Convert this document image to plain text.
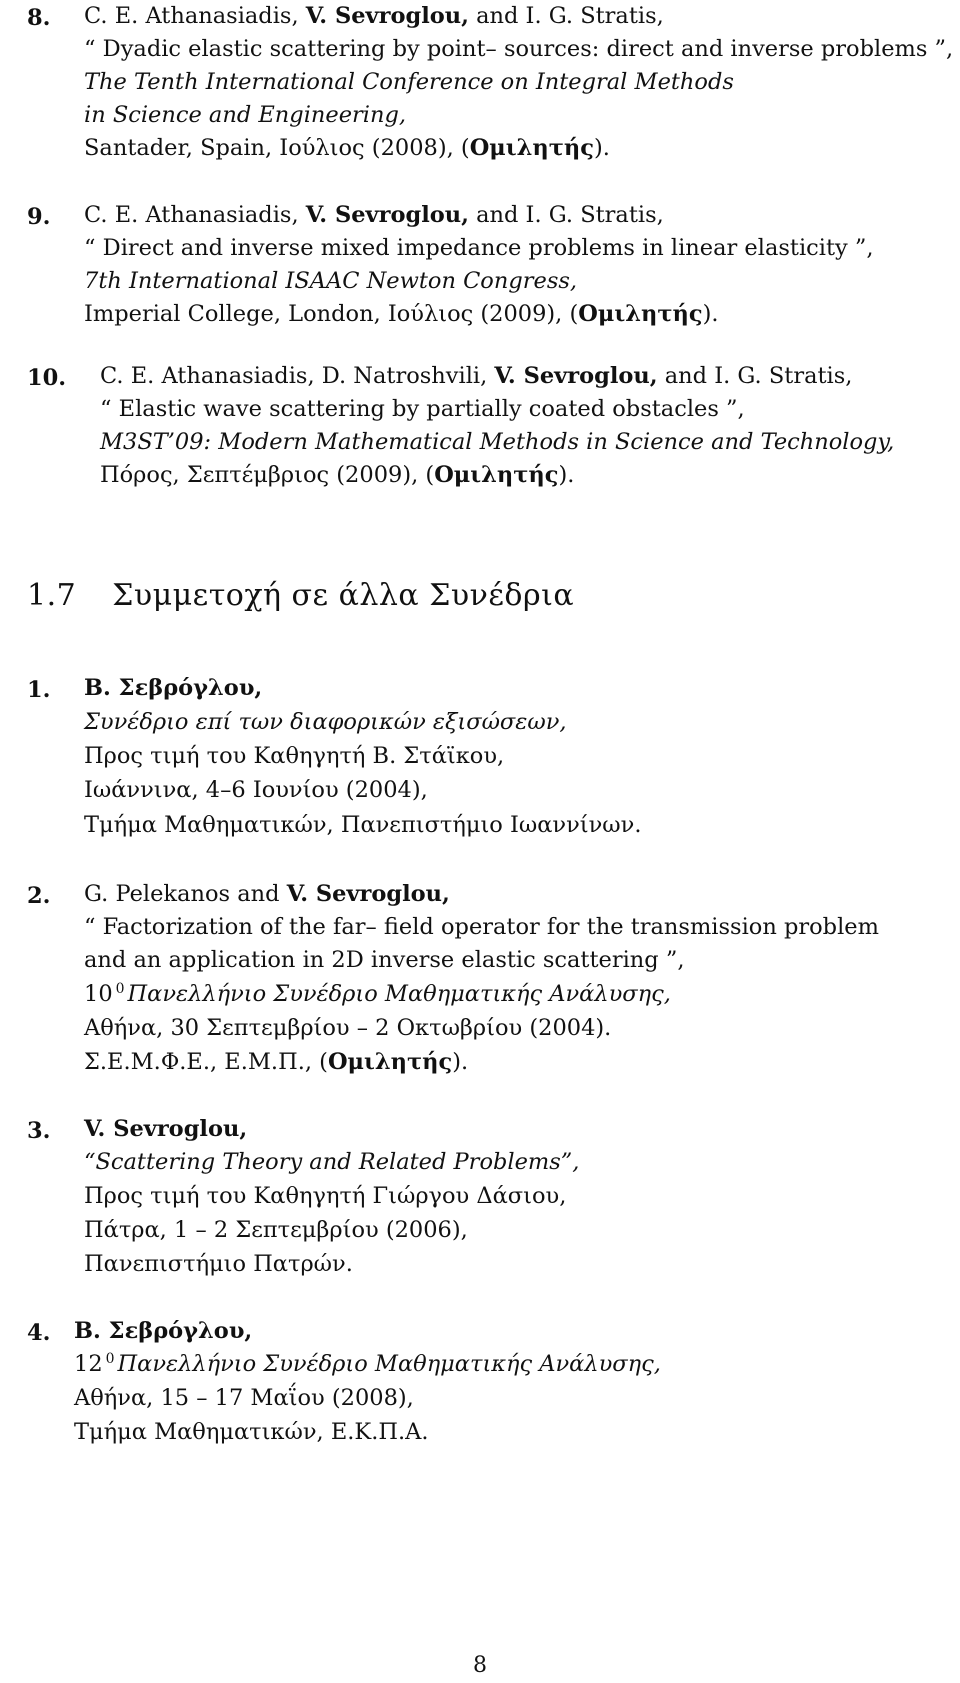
8. C. E. Athanasiadis, V. Sevroglou, and I. G. Stratis,
“ Dyadic elastic scattering by point– sources: direct and inverse problems ”,
The Tenth International Conference on Integral Methods
in Science and Engineering,
Santader, Spain, Ιούλιος (2008), (Ομιλητής).
9. C. E. Athanasiadis, V. Sevroglou, and I. G. Stratis,
“ Direct and inverse mixed impedance problems in linear elasticity ”,
7th International ISAAC Newton Congress,
Imperial College, London, Ιούλιος (2009), (Ομιλητής).
10. C. E. Athanasiadis, D. Natroshvili, V. Sevroglou, and I. G. Stratis,
“ Elastic wave scattering by partially coated obstacles ”,
M3ST’09: Modern Mathematical Methods in Science and Technology,
Πόρος, Σεπτέμβριος (2009), (Ομιλητής).
1.7 Συμμετοχή σε άλλα Συνέδρια
1. Β. Σεβρόγλου,
Συνέδριο επί των διαφορικών εξισώσεων,
Προς τιμή του Καθηγητή Β. Στάϊκου,
Ιωάννινα, 4–6 Ιουνίου (2004),
Τμήμα Μαθηματικών, Πανεπιστήμιο Ιωαννίνων.
2. G. Pelekanos and V. Sevroglou,
“ Factorization of the far– field operator for the transmission problem
and an application in 2D inverse elastic scattering ”,
10 $^0$ Πανελλήνιο Συνέδριο Μαθηματικής Ανάλυσης,
Αθήνα, 30 Σεπτεμβρίου – 2 Οκτωβρίου (2004).
Σ.Ε.Μ.Φ.Ε., Ε.Μ.Π., (Ομιλητής).
3. V. Sevroglou,
“Scattering Theory and Related Problems”,
Προς τιμή του Καθηγητή Γιώργου Δάσιου,
Πάτρα, 1 – 2 Σεπτεμβρίου (2006),
Πανεπιστήμιο Πατρών.
4. Β. Σεβρόγλου,
12 $^0$ Πανελλήνιο Συνέδριο Μαθηματικής Ανάλυσης,
Αθήνα, 15 – 17 Μαΐου (2008),
Τμήμα Μαθηματικών, Ε.Κ.Π.Α.
8
